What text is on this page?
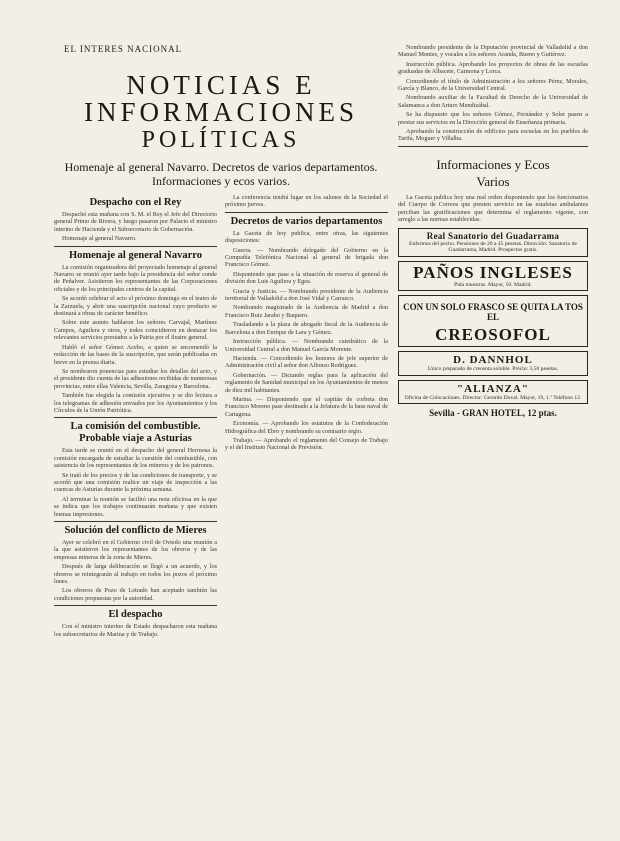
EL INTERES NACIONAL
NOTICIAS E INFORMACIONES
POLÍTICAS
Homenaje al general Navarro. Decretos de varios departamentos. Informaciones y ecos varios.
Despacho con el Rey

Despachó esta mañana con S. M. el Rey el Jefe del Directorio general Primo de Rivera, y luego pasaron por Palacio el ministro interino de Hacienda y el Subsecretario de Gobernación.

Homenaje al general Navarro.

Homenaje al general Navarro

La comisión organizadora del proyectado homenaje al general Navarro se reunió ayer tarde bajo la presidencia del señor conde de Peñalver. Asistieron los representantes de las Corporaciones oficiales y de los principales centros de la capital.

Se acordó celebrar el acto el próximo domingo en el teatro de la Zarzuela, y abrir una suscripción nacional cuyo producto se destinará a obras de carácter benéfico.

Sobre este asunto hablaron los señores Carvajal, Martínez Campos, Aguilera y otros, y todos coincidieron en destacar los relevantes servicios prestados a la Patria por el ilustre general.

Habló el señor Gómez Acebo, a quien se encomendó la redacción de las bases de la suscripción, que serán publicadas en breve en la prensa diaria.

Se nombraron ponencias para estudiar los detalles del acto, y el presidente dio cuenta de las adhesiones recibidas de numerosas provincias, entre ellas Valencia, Sevilla, Zaragoza y Barcelona.

También fue elegida la comisión ejecutiva y se dio lectura a los telegramas de adhesión enviados por los Ayuntamientos y los Círculos de la Unión Patriótica.

La comisión del combustible. Probable viaje a Asturias

Esta tarde se reunió en el despacho del general Hermosa la comisión encargada de estudiar la cuestión del combustible, con asistencia de los representantes de los mineros y de los patronos.

Se trató de los precios y de las condiciones de transporte, y se acordó que una comisión realice un viaje de inspección a las cuencas de Asturias durante la próxima semana.

Al terminar la reunión se facilitó una nota oficiosa en la que se indica que los trabajos continuarán mañana y que existen buenas impresiones.

Solución del conflicto de Mieres

Ayer se celebró en el Gobierno civil de Oviedo una reunión a la que asistieron los representantes de los obreros y de las empresas mineras de la zona de Mieres.

Después de larga deliberación se llegó a un acuerdo, y los obreros se reintegrarán al trabajo en todos los pozos el próximo lunes.

Los obreros de Pozo de Letrado han aceptado también las condiciones propuestas por la autoridad.

El despacho

Con el ministro interino de Estado despacharon esta mañana los subsecretarios de Marina y de Trabajo.

La conferencia tendrá lugar en los salones de la Sociedad el próximo jueves.

Decretos de varios departamentos

La Gaceta de hoy publica, entre otras, las siguientes disposiciones:

Guerra. — Nombrando delegado del Gobierno en la Compañía Telefónica Nacional al general de brigada don Francisco Gómez.

Disponiendo que pase a la situación de reserva el general de división don Luis Aguilera y Egea.

Gracia y Justicia. — Nombrando presidente de la Audiencia territorial de Valladolid a don José Vidal y Carrasco.

Nombrando magistrado de la Audiencia de Madrid a don Francisco Ruiz Jarabo y Baquero.

Trasladando a la plaza de abogado fiscal de la Audiencia de Barcelona a don Enrique de Lara y Gómez.

Instrucción pública. — Nombrando catedrático de la Universidad Central a don Manuel García Morente.

Hacienda. — Concediendo los honores de jefe superior de Administración civil al señor don Alfonso Rodríguez.

Gobernación. — Dictando reglas para la aplicación del reglamento de Sanidad municipal en los Ayuntamientos de menos de diez mil habitantes.

Marina. — Disponiendo que el capitán de corbeta don Francisco Moreno pase destinado a la Jefatura de la base naval de Cartagena.

Economía. — Aprobando los estatutos de la Confederación Hidrográfica del Ebro y nombrando su comisario regio.

Trabajo. — Aprobando el reglamento del Consejo de Trabajo y el del Instituto Nacional de Previsión.

Nombrando presidente de la Diputación provincial de Valladolid a don Manuel Montes, y vocales a los señores Aranda, Bueno y Gutiérrez.

Instrucción pública. Aprobando los proyectos de obras de las escuelas graduadas de Albacete, Carmona y Lorca.

Concediendo el título de Administración a los señores Pérez, Morales, García y Blanco, de la Universidad Central.

Nombrando auxiliar de la Facultad de Derecho de la Universidad de Salamanca a don Arturo Mendizábal.

Se ha dispuesto que los señores Gómez, Fernández y Soler pasen a prestar sus servicios en la Dirección general de Enseñanza primaria.

Aprobando la construcción de edificios para escuelas en los pueblos de Tarifa, Moguer y Villalba.

Informaciones y Ecos
Varios

La Gaceta publica hoy una real orden disponiendo que los funcionarios del Cuerpo de Correos que presten servicio en las estafetas ambulantes perciban las gratificaciones que determina el reglamento vigente, con arreglo a las normas establecidas.

Real Sanatorio del Guadarrama
Enfermos del pecho. Pensiones de 20 a 45 pesetas. Dirección: Sanatorio de Guadarrama, Madrid. Prospectos gratis.
PAÑOS INGLESES
Pida muestras. Mayor, 50. Madrid.
CON UN SOLO FRASCO SE QUITA LA TOS EL
CREOSOFOL
D. DANNHOL
Unico preparado de creosota soluble. Precio: 3,50 pesetas.
"ALIANZA"
Oficina de Colocaciones. Director: Gerardo Duval. Mayor, 19, 1.º Teléfono 12.
Sevilla - GRAN HOTEL, 12 ptas.
